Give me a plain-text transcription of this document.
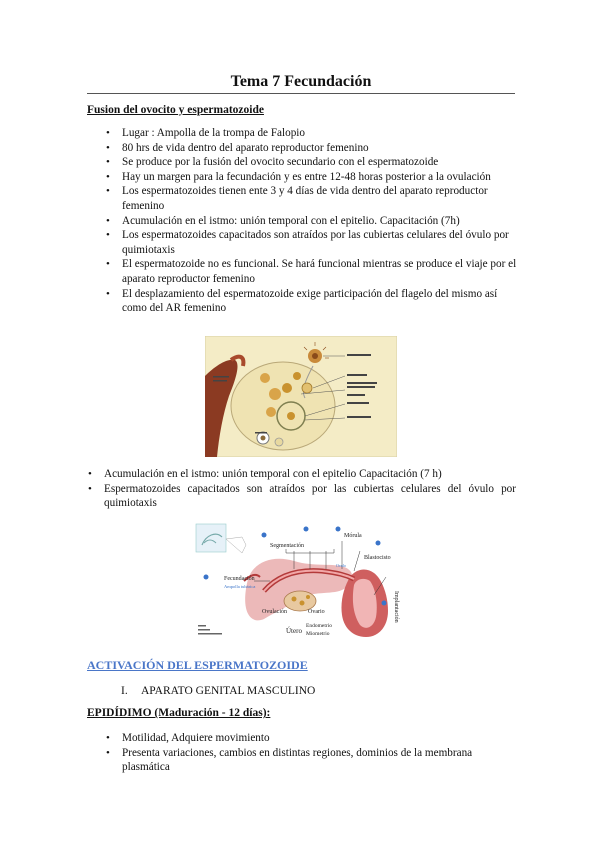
Tema 7 Fecundación
Fusion del ovocito y espermatozoide
• Lugar : Ampolla de la trompa de Falopio
• 80 hrs de vida dentro del aparato reproductor femenino
• Se produce por la fusión del ovocito secundario con el espermatozoide
• Hay un margen para la fecundación y es entre 12-48 horas posterior a la ovulación
• Los espermatozoides tienen ente 3 y 4 días de vida dentro del aparato reproductor femenino
• Acumulación en el istmo: unión temporal con el epitelio. Capacitación (7h)
• Los espermatozoides capacitados son atraídos por las cubiertas celulares del óvulo por quimiotaxis
• El espermatozoide no es funcional. Se hará funcional mientras se produce el viaje por el aparato reproductor femenino
• El desplazamiento del espermatozoide exige participación del flagelo del mismo así como del AR femenino
• Acumulación en el istmo: unión temporal con el epitelio Capacitación (7 h)
• Espermatozoides capacitados son atraídos por las cubiertas celulares del óvulo por quimiotaxis
Segmentación
Mórula
Blastocisto
Ovulo
Fecundación
Ampolla tubárica
Ovulación	Ovario
Útero
Endometrio
Miometrio
Implantación
ACTIVACIÓN DEL ESPERMATOZOIDE
I. APARATO GENITAL MASCULINO
EPIDÍDIMO (Maduración - 12 días):
• Motilidad, Adquiere movimiento
• Presenta variaciones, cambios en distintas regiones, dominios de la membrana plasmática
